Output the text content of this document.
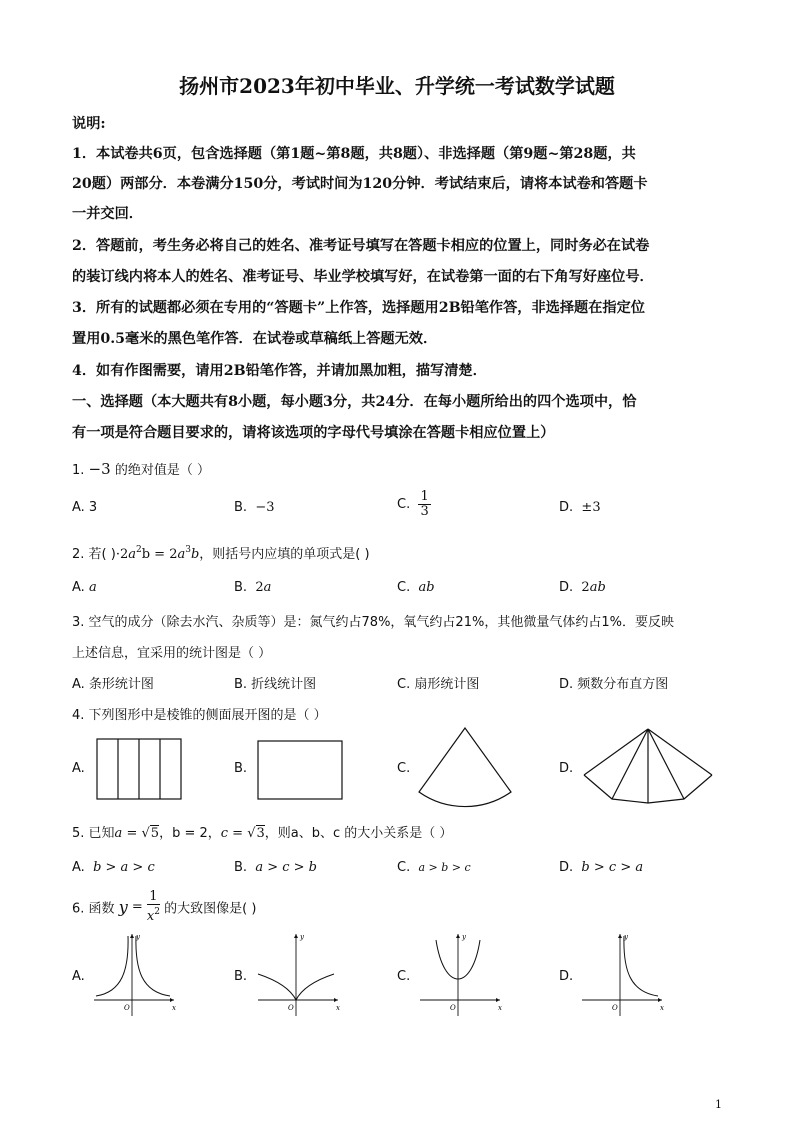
扬州市2023年初中毕业、升学统一考试数学试题
说明:
1．本试卷共6页，包含选择题（第1题~第8题，共8题）、非选择题（第9题~第28题，共
20题）两部分．本卷满分150分，考试时间为120分钟．考试结束后，请将本试卷和答题卡
一并交回．
2．答题前，考生务必将自己的姓名、准考证号填写在答题卡相应的位置上，同时务必在试卷
的装订线内将本人的姓名、准考证号、毕业学校填写好，在试卷第一面的右下角写好座位号．
3．所有的试题都必须在专用的“答题卡”上作答，选择题用2B铅笔作答，非选择题在指定位
置用0.5毫米的黑色笔作答．在试卷或草稿纸上答题无效．
4．如有作图需要，请用2B铅笔作答，并请加黑加粗，描写清楚．
一、选择题（本大题共有8小题，每小题3分，共24分．在每小题所给出的四个选项中，恰
有一项是符合题目要求的，请将该选项的字母代号填涂在答题卡相应位置上）
1. −3 的绝对值是（ ）
A. 3	B. −3	C. $\frac{1}{3}$	D. ±3
2. 若( )$\cdot 2a^2b = 2a^3b$，则括号内应填的单项式是( )
A. a	B. 2a	C. ab	D. 2ab
3. 空气的成分（除去水汽、杂质等）是：氮气约占78%，氧气约占21%，其他微量气体约占1%．要反映
上述信息，宜采用的统计图是（ ）
A. 条形统计图	B. 折线统计图	C. 扇形统计图	D. 频数分布直方图
4. 下列图形中是棱锥的侧面展开图的是（ ）
A.	B.	C.	D.
5. 已知a = √5，b = 2，c = √3，则a、b、c 的大小关系是（ ）
A. b > a > c	B. a > c > b	C. a > b > c	D. b > c > a
6. 函数 $y = \frac{1}{x^2}$ 的大致图像是( )
A.	B.	C.	D.
y
x
O
y
x
O
y
x
O
y
x
O
1
